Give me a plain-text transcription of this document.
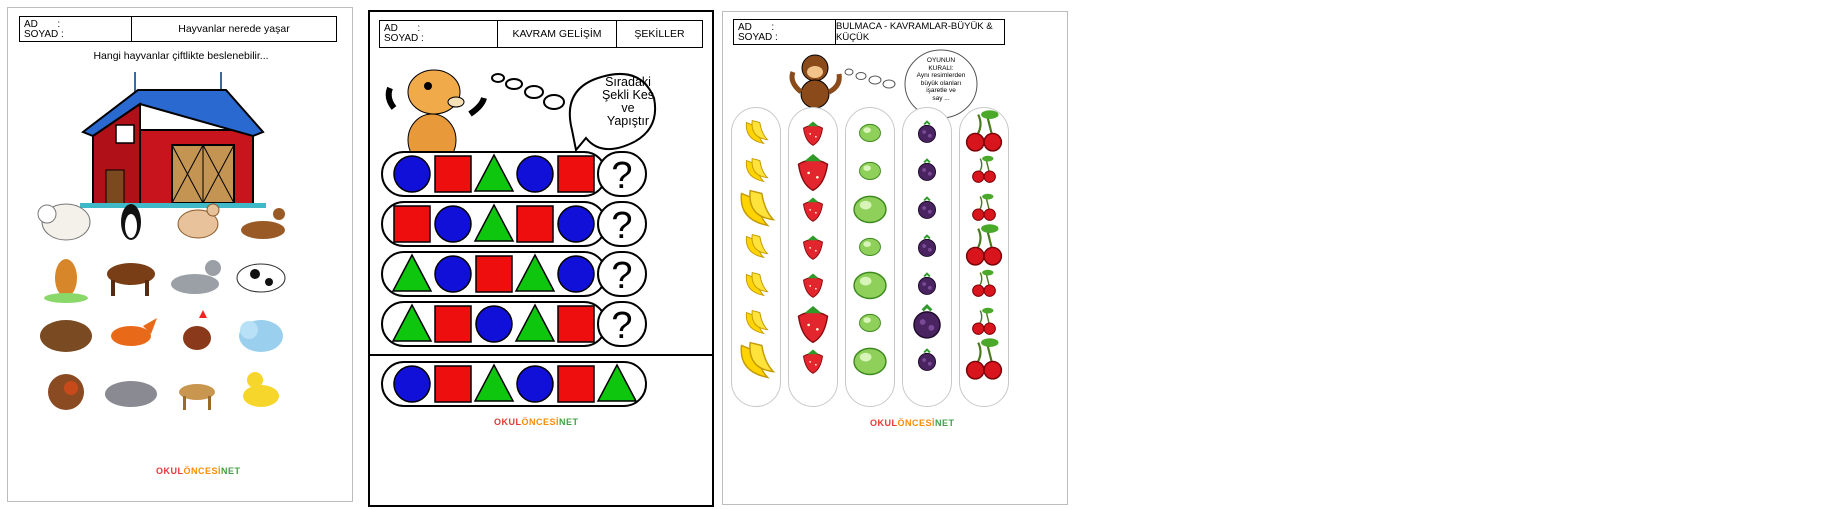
AD       :
SOYAD :	Hayvanlar nerede yaşar
Hangi hayvanlar çiftlikte beslenebilir...
OKULÖNCESİNET
AD       :
SOYAD :	KAVRAM GELİŞİM	ŞEKİLLER
Sıradaki
Şekli Kes
ve
Yapıştır
?
?
?
?
OKULÖNCESİNET
AD       :
SOYAD :
BULMACA - KAVRAMLAR-BÜYÜK & KÜÇÜK
OYUNUN
KURALI:
Aynı resimlerden
büyük olanları
işaretle ve
say ...
OKULÖNCESİNET
